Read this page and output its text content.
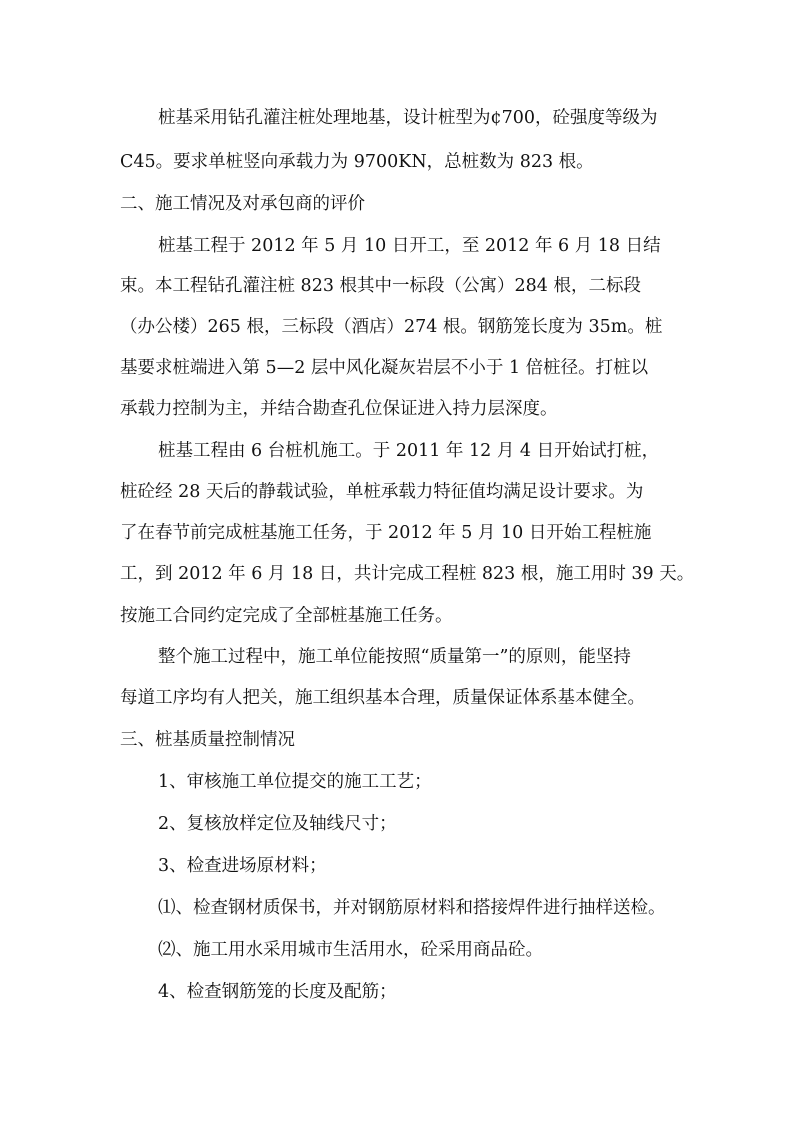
桩基采用钻孔灌注桩处理地基，设计桩型为¢700，砼强度等级为
C45。要求单桩竖向承载力为 9700KN，总桩数为 823 根。
二、施工情况及对承包商的评价
桩基工程于 2012 年 5 月 10 日开工，至 2012 年 6 月 18 日结
束。本工程钻孔灌注桩 823 根其中一标段（公寓）284 根，二标段
（办公楼）265 根，三标段（酒店）274 根。钢筋笼长度为 35m。桩
基要求桩端进入第 5—2 层中风化凝灰岩层不小于 1 倍桩径。打桩以
承载力控制为主，并结合勘查孔位保证进入持力层深度。
桩基工程由 6 台桩机施工。于 2011 年 12 月 4 日开始试打桩，
桩砼经 28 天后的静载试验，单桩承载力特征值均满足设计要求。为
了在春节前完成桩基施工任务，于 2012 年 5 月 10 日开始工程桩施
工，到 2012 年 6 月 18 日，共计完成工程桩 823 根，施工用时 39 天。
按施工合同约定完成了全部桩基施工任务。
整个施工过程中，施工单位能按照“质量第一”的原则，能坚持
每道工序均有人把关，施工组织基本合理，质量保证体系基本健全。
三、桩基质量控制情况
1、审核施工单位提交的施工工艺；
2、复核放样定位及轴线尺寸；
3、检查进场原材料；
⑴、检查钢材质保书，并对钢筋原材料和搭接焊件进行抽样送检。
⑵、施工用水采用城市生活用水，砼采用商品砼。
4、检查钢筋笼的长度及配筋；
